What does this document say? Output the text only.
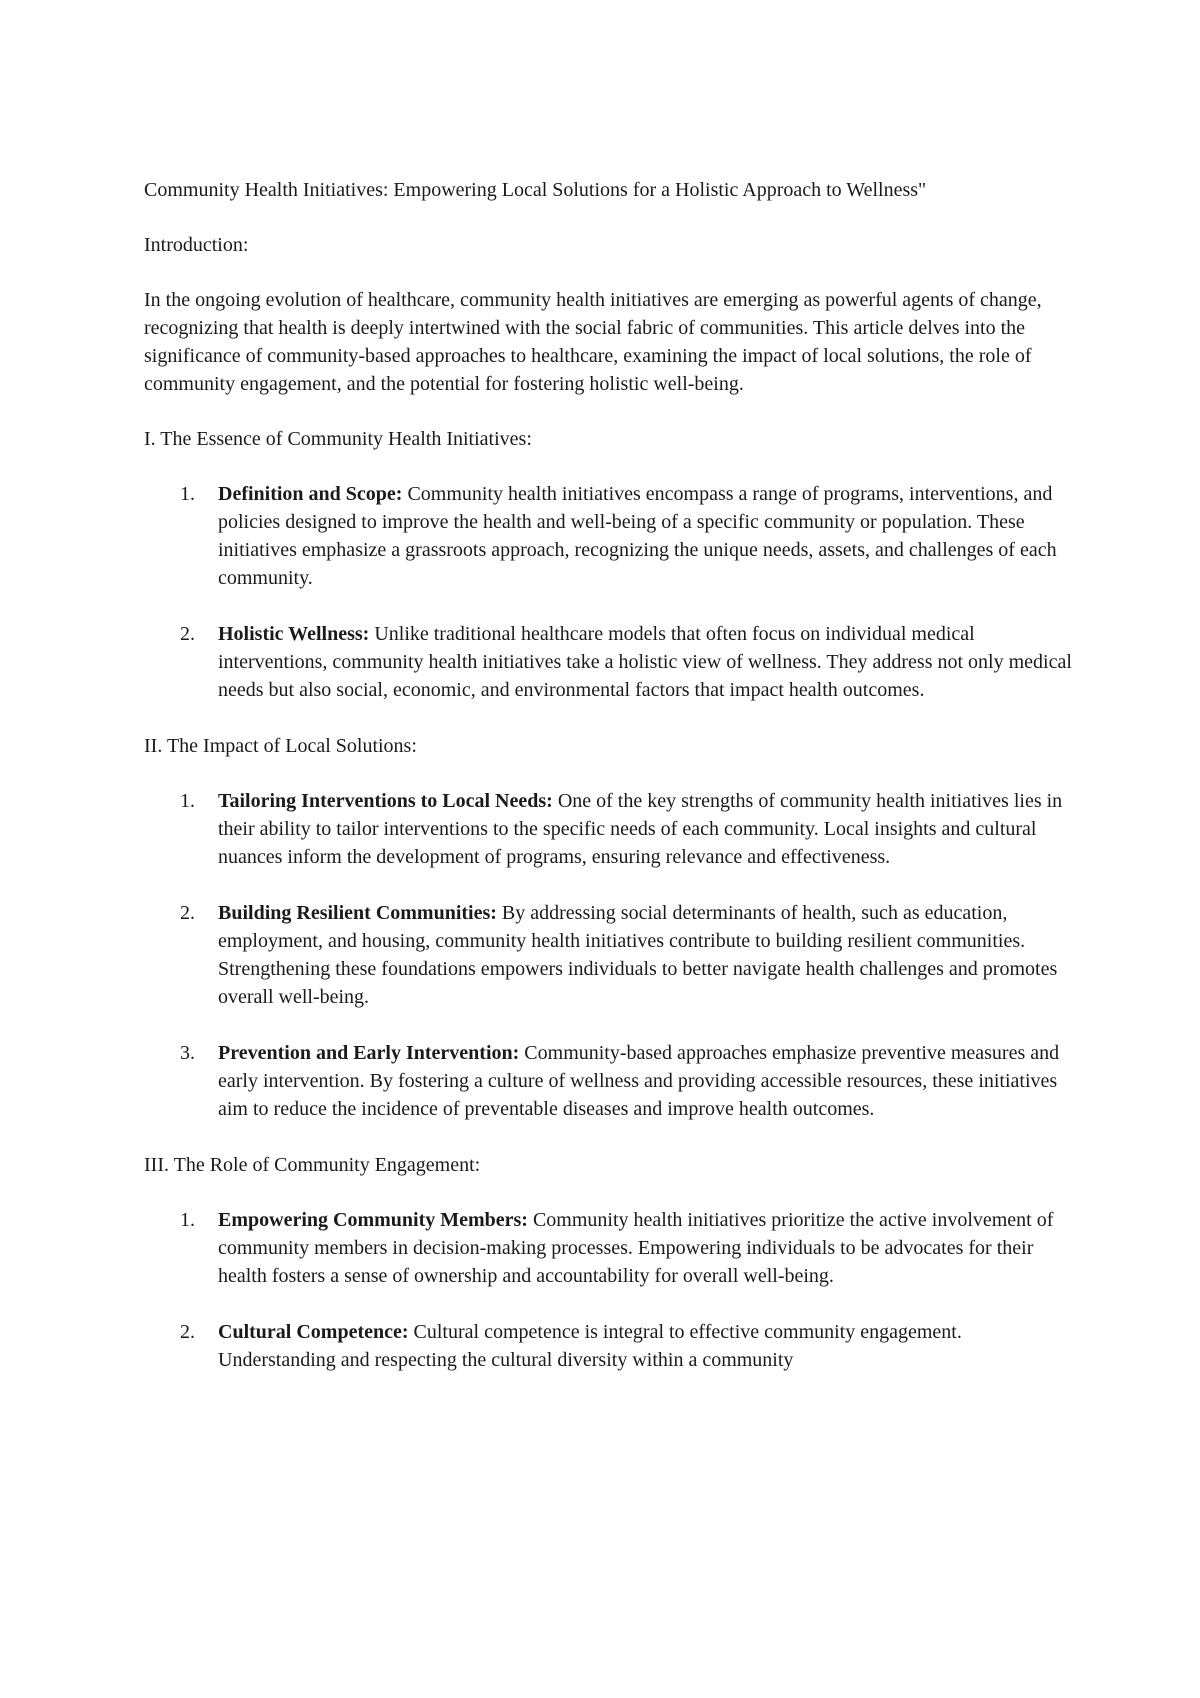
Community Health Initiatives: Empowering Local Solutions for a Holistic Approach to Wellness"

Introduction:

In the ongoing evolution of healthcare, community health initiatives are emerging as powerful agents of change, recognizing that health is deeply intertwined with the social fabric of communities. This article delves into the significance of community-based approaches to healthcare, examining the impact of local solutions, the role of community engagement, and the potential for fostering holistic well-being.

I. The Essence of Community Health Initiatives:

1. Definition and Scope: Community health initiatives encompass a range of programs, interventions, and policies designed to improve the health and well-being of a specific community or population. These initiatives emphasize a grassroots approach, recognizing the unique needs, assets, and challenges of each community.
2. Holistic Wellness: Unlike traditional healthcare models that often focus on individual medical interventions, community health initiatives take a holistic view of wellness. They address not only medical needs but also social, economic, and environmental factors that impact health outcomes.

II. The Impact of Local Solutions:

1. Tailoring Interventions to Local Needs: One of the key strengths of community health initiatives lies in their ability to tailor interventions to the specific needs of each community. Local insights and cultural nuances inform the development of programs, ensuring relevance and effectiveness.
2. Building Resilient Communities: By addressing social determinants of health, such as education, employment, and housing, community health initiatives contribute to building resilient communities. Strengthening these foundations empowers individuals to better navigate health challenges and promotes overall well-being.
3. Prevention and Early Intervention: Community-based approaches emphasize preventive measures and early intervention. By fostering a culture of wellness and providing accessible resources, these initiatives aim to reduce the incidence of preventable diseases and improve health outcomes.

III. The Role of Community Engagement:

1. Empowering Community Members: Community health initiatives prioritize the active involvement of community members in decision-making processes. Empowering individuals to be advocates for their health fosters a sense of ownership and accountability for overall well-being.
2. Cultural Competence: Cultural competence is integral to effective community engagement. Understanding and respecting the cultural diversity within a community
